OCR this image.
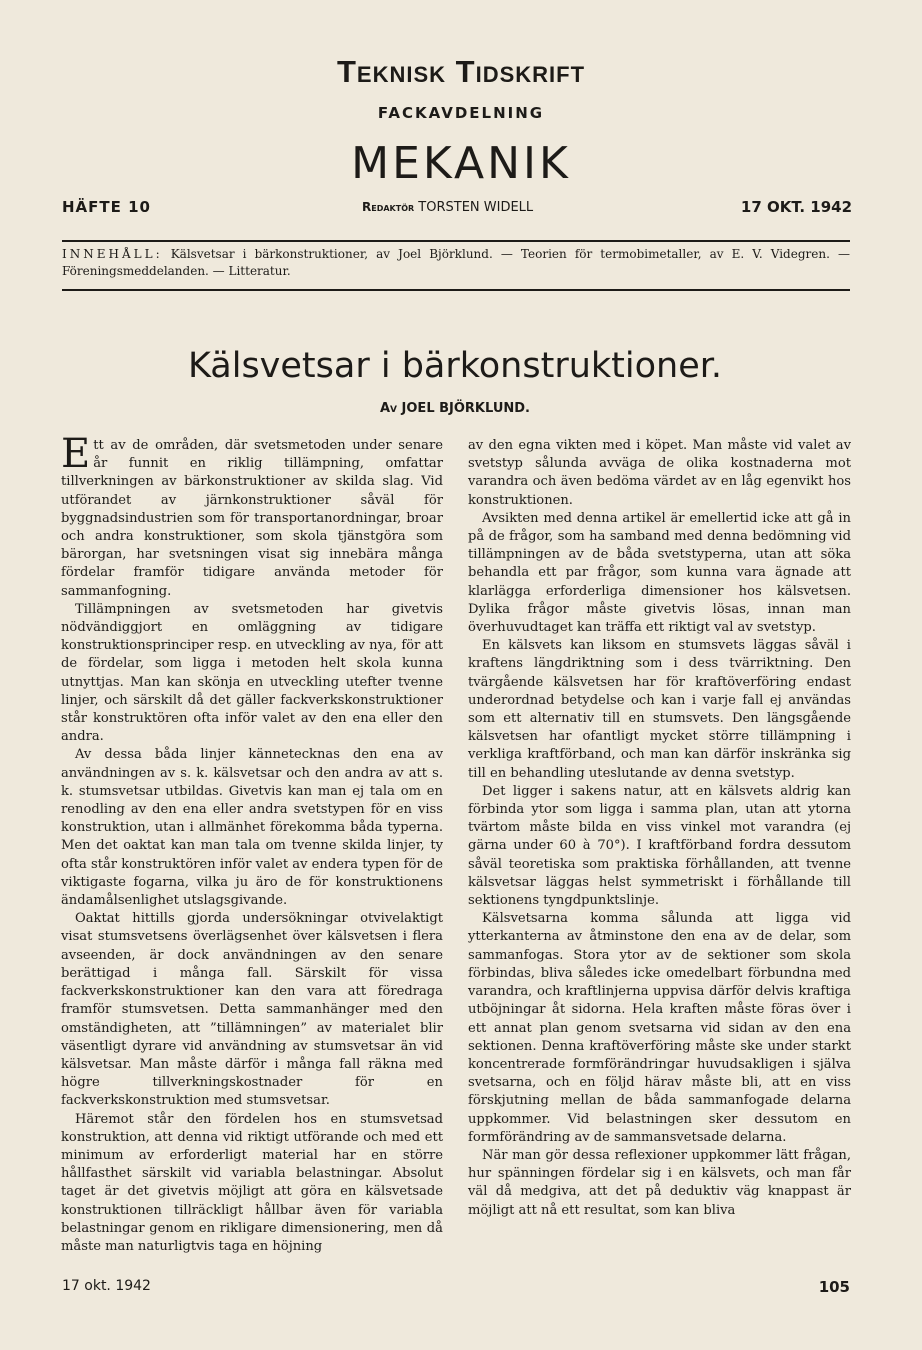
Teknisk Tidskrift
FACKAVDELNING
MEKANIK
HÄFTE 10	Redaktör TORSTEN WIDELL	17 OKT. 1942
INNEHÅLL: Kälsvetsar i bärkonstruktioner, av Joel Björklund. — Teorien för termobimetaller, av E. V. Videgren. — Föreningsmeddelanden. — Litteratur.
Kälsvetsar i bärkonstruktioner.
Av JOEL BJÖRKLUND.

Ett av de områden, där svetsmetoden under senare år funnit en riklig tillämpning, omfattar tillverkningen av bärkonstruktioner av skilda slag. Vid utförandet av järnkonstruktioner såväl för byggnadsindustrien som för transportanordningar, broar och andra konstruktioner, som skola tjänstgöra som bärorgan, har svetsningen visat sig innebära många fördelar framför tidigare använda metoder för sammanfogning.

Tillämpningen av svetsmetoden har givetvis nödvändiggjort en omläggning av tidigare konstruktionsprinciper resp. en utveckling av nya, för att de fördelar, som ligga i metoden helt skola kunna utnyttjas. Man kan skönja en utveckling utefter tvenne linjer, och särskilt då det gäller fackverkskonstruktioner står konstruktören ofta inför valet av den ena eller den andra.

Av dessa båda linjer kännetecknas den ena av användningen av s. k. kälsvetsar och den andra av att s. k. stumsvetsar utbildas. Givetvis kan man ej tala om en renodling av den ena eller andra svetstypen för en viss konstruktion, utan i allmänhet förekomma båda typerna. Men det oaktat kan man tala om tvenne skilda linjer, ty ofta står konstruktören inför valet av endera typen för de viktigaste fogarna, vilka ju äro de för konstruktionens ändamålsenlighet utslagsgivande.

Oaktat hittills gjorda undersökningar otvivelaktigt visat stumsvetsens överlägsenhet över kälsvetsen i flera avseenden, är dock användningen av den senare berättigad i många fall. Särskilt för vissa fackverkskonstruktioner kan den vara att föredraga framför stumsvetsen. Detta sammanhänger med den omständigheten, att ”tillämningen” av materialet blir väsentligt dyrare vid användning av stumsvetsar än vid kälsvetsar. Man måste därför i många fall räkna med högre tillverkningskostnader för en fackverkskonstruktion med stumsvetsar.

Häremot står den fördelen hos en stumsvetsad konstruktion, att denna vid riktigt utförande och med ett minimum av erforderligt material har en större hållfasthet särskilt vid variabla belastningar. Absolut taget är det givetvis möjligt att göra en kälsvetsade konstruktionen tillräckligt hållbar även för variabla belastningar genom en rikligare dimensionering, men då måste man naturligtvis taga en höjning

av den egna vikten med i köpet. Man måste vid valet av svetstyp sålunda avväga de olika kostnaderna mot varandra och även bedöma värdet av en låg egenvikt hos konstruktionen.

Avsikten med denna artikel är emellertid icke att gå in på de frågor, som ha samband med denna bedömning vid tillämpningen av de båda svetstyperna, utan att söka behandla ett par frågor, som kunna vara ägnade att klarlägga erforderliga dimensioner hos kälsvetsen. Dylika frågor måste givetvis lösas, innan man överhuvudtaget kan träffa ett riktigt val av svetstyp.

En kälsvets kan liksom en stumsvets läggas såväl i kraftens längdriktning som i dess tvärriktning. Den tvärgående kälsvetsen har för kraftöverföring endast underordnad betydelse och kan i varje fall ej användas som ett alternativ till en stumsvets. Den längsgående kälsvetsen har ofantligt mycket större tillämpning i verkliga kraftförband, och man kan därför inskränka sig till en behandling uteslutande av denna svetstyp.

Det ligger i sakens natur, att en kälsvets aldrig kan förbinda ytor som ligga i samma plan, utan att ytorna tvärtom måste bilda en viss vinkel mot varandra (ej gärna under 60 à 70°). I kraftförband fordra dessutom såväl teoretiska som praktiska förhållanden, att tvenne kälsvetsar läggas helst symmetriskt i förhållande till sektionens tyngdpunktslinje.

Kälsvetsarna komma sålunda att ligga vid ytterkanterna av åtminstone den ena av de delar, som sammanfogas. Stora ytor av de sektioner som skola förbindas, bliva således icke omedelbart förbundna med varandra, och kraftlinjerna uppvisa därför delvis kraftiga utböjningar åt sidorna. Hela kraften måste föras över i ett annat plan genom svetsarna vid sidan av den ena sektionen. Denna kraftöverföring måste ske under starkt koncentrerade formförändringar huvudsakligen i själva svetsarna, och en följd härav måste bli, att en viss förskjutning mellan de båda sammanfogade delarna uppkommer. Vid belastningen sker dessutom en formförändring av de sammansvetsade delarna.

När man gör dessa reflexioner uppkommer lätt frågan, hur spänningen fördelar sig i en kälsvets, och man får väl då medgiva, att det på deduktiv väg knappast är möjligt att nå ett resultat, som kan bliva

17 okt. 1942	105
